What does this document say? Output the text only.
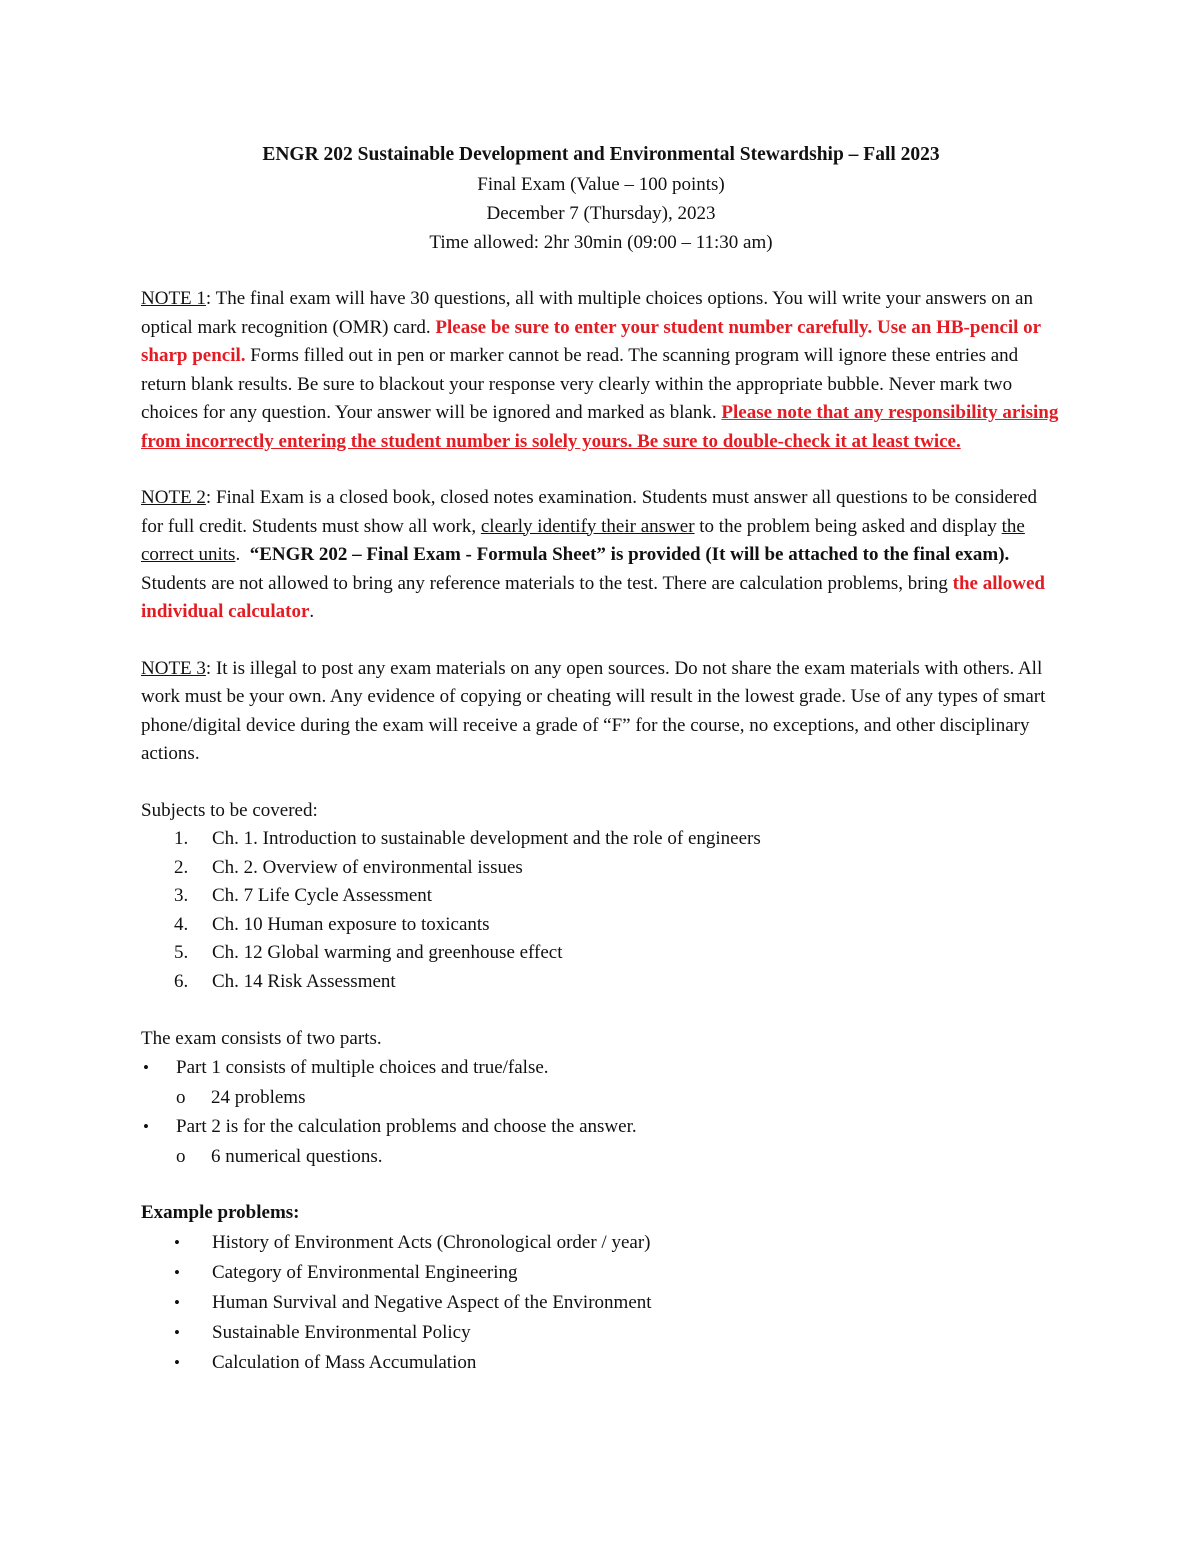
ENGR 202 Sustainable Development and Environmental Stewardship – Fall 2023

Final Exam (Value – 100 points)

December 7 (Thursday), 2023

Time allowed: 2hr 30min (09:00 – 11:30 am)

NOTE 1: The final exam will have 30 questions, all with multiple choices options. You will write your answers on an optical mark recognition (OMR) card. Please be sure to enter your student number carefully. Use an HB-pencil or sharp pencil. Forms filled out in pen or marker cannot be read. The scanning program will ignore these entries and return blank results. Be sure to blackout your response very clearly within the appropriate bubble. Never mark two choices for any question. Your answer will be ignored and marked as blank. Please note that any responsibility arising from incorrectly entering the student number is solely yours. Be sure to double-check it at least twice.

NOTE 2: Final Exam is a closed book, closed notes examination. Students must answer all questions to be considered for full credit. Students must show all work, clearly identify their answer to the problem being asked and display the correct units.  “ENGR 202 – Final Exam - Formula Sheet” is provided (It will be attached to the final exam). Students are not allowed to bring any reference materials to the test. There are calculation problems, bring the allowed individual calculator.

NOTE 3: It is illegal to post any exam materials on any open sources. Do not share the exam materials with others. All work must be your own. Any evidence of copying or cheating will result in the lowest grade. Use of any types of smart phone/digital device during the exam will receive a grade of “F” for the course, no exceptions, and other disciplinary actions.

Subjects to be covered:

1. Ch. 1. Introduction to sustainable development and the role of engineers
2. Ch. 2. Overview of environmental issues
3. Ch. 7 Life Cycle Assessment
4. Ch. 10 Human exposure to toxicants
5. Ch. 12 Global warming and greenhouse effect
6. Ch. 14 Risk Assessment

The exam consists of two parts.

• Part 1 consists of multiple choices and true/false.
o 24 problems
• Part 2 is for the calculation problems and choose the answer.
o 6 numerical questions.

Example problems:

• History of Environment Acts (Chronological order / year)
• Category of Environmental Engineering
• Human Survival and Negative Aspect of the Environment
• Sustainable Environmental Policy
• Calculation of Mass Accumulation
